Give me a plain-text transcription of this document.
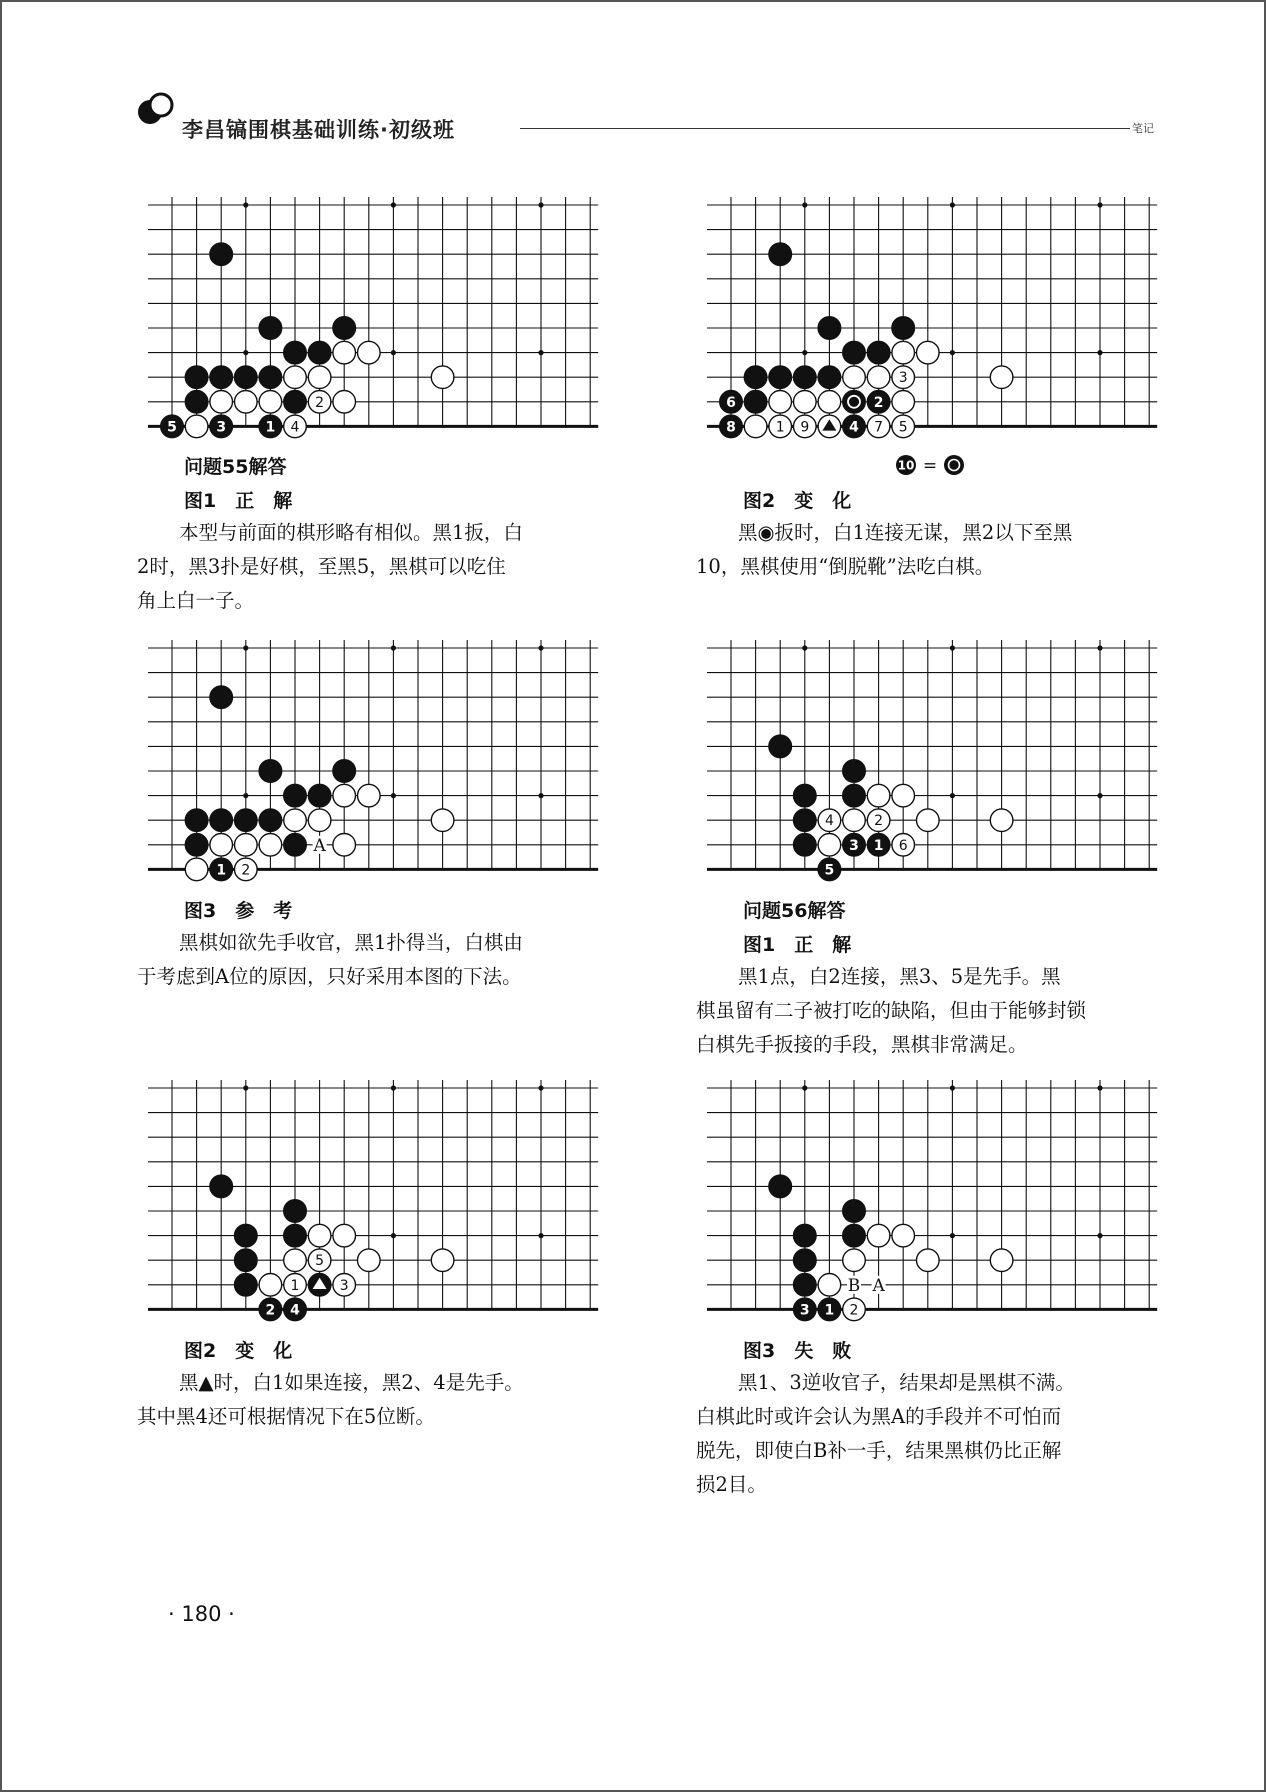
李昌镐围棋基础训练·初级班	笔记
2
5	3	1 4
3
6	2
8	1 9	4 7 5
问题55解答
图1　正　解
本型与前面的棋形略有相似。黑1扳，白
2时，黑3扑是好棋，至黑5，黑棋可以吃住
角上白一子。
10 =
图2　变　化
黑◉扳时，白1连接无谋，黑2以下至黑
10，黑棋使用“倒脱靴”法吃白棋。
1 2
A
4	2
3 1 6
5
图3　参　考
黑棋如欲先手收官，黑1扑得当，白棋由
于考虑到A位的原因，只好采用本图的下法。
问题56解答
图1　正　解
黑1点，白2连接，黑3、5是先手。黑
棋虽留有二子被打吃的缺陷，但由于能够封锁
白棋先手扳接的手段，黑棋非常满足。
5
1	3
2 4	3 1 2
B A
图2　变　化
黑▲时，白1如果连接，黑2、4是先手。
其中黑4还可根据情况下在5位断。
图3　失　败
黑1、3逆收官子，结果却是黑棋不满。
白棋此时或许会认为黑A的手段并不可怕而
脱先，即使白B补一手，结果黑棋仍比正解
损2目。
· 180 ·
